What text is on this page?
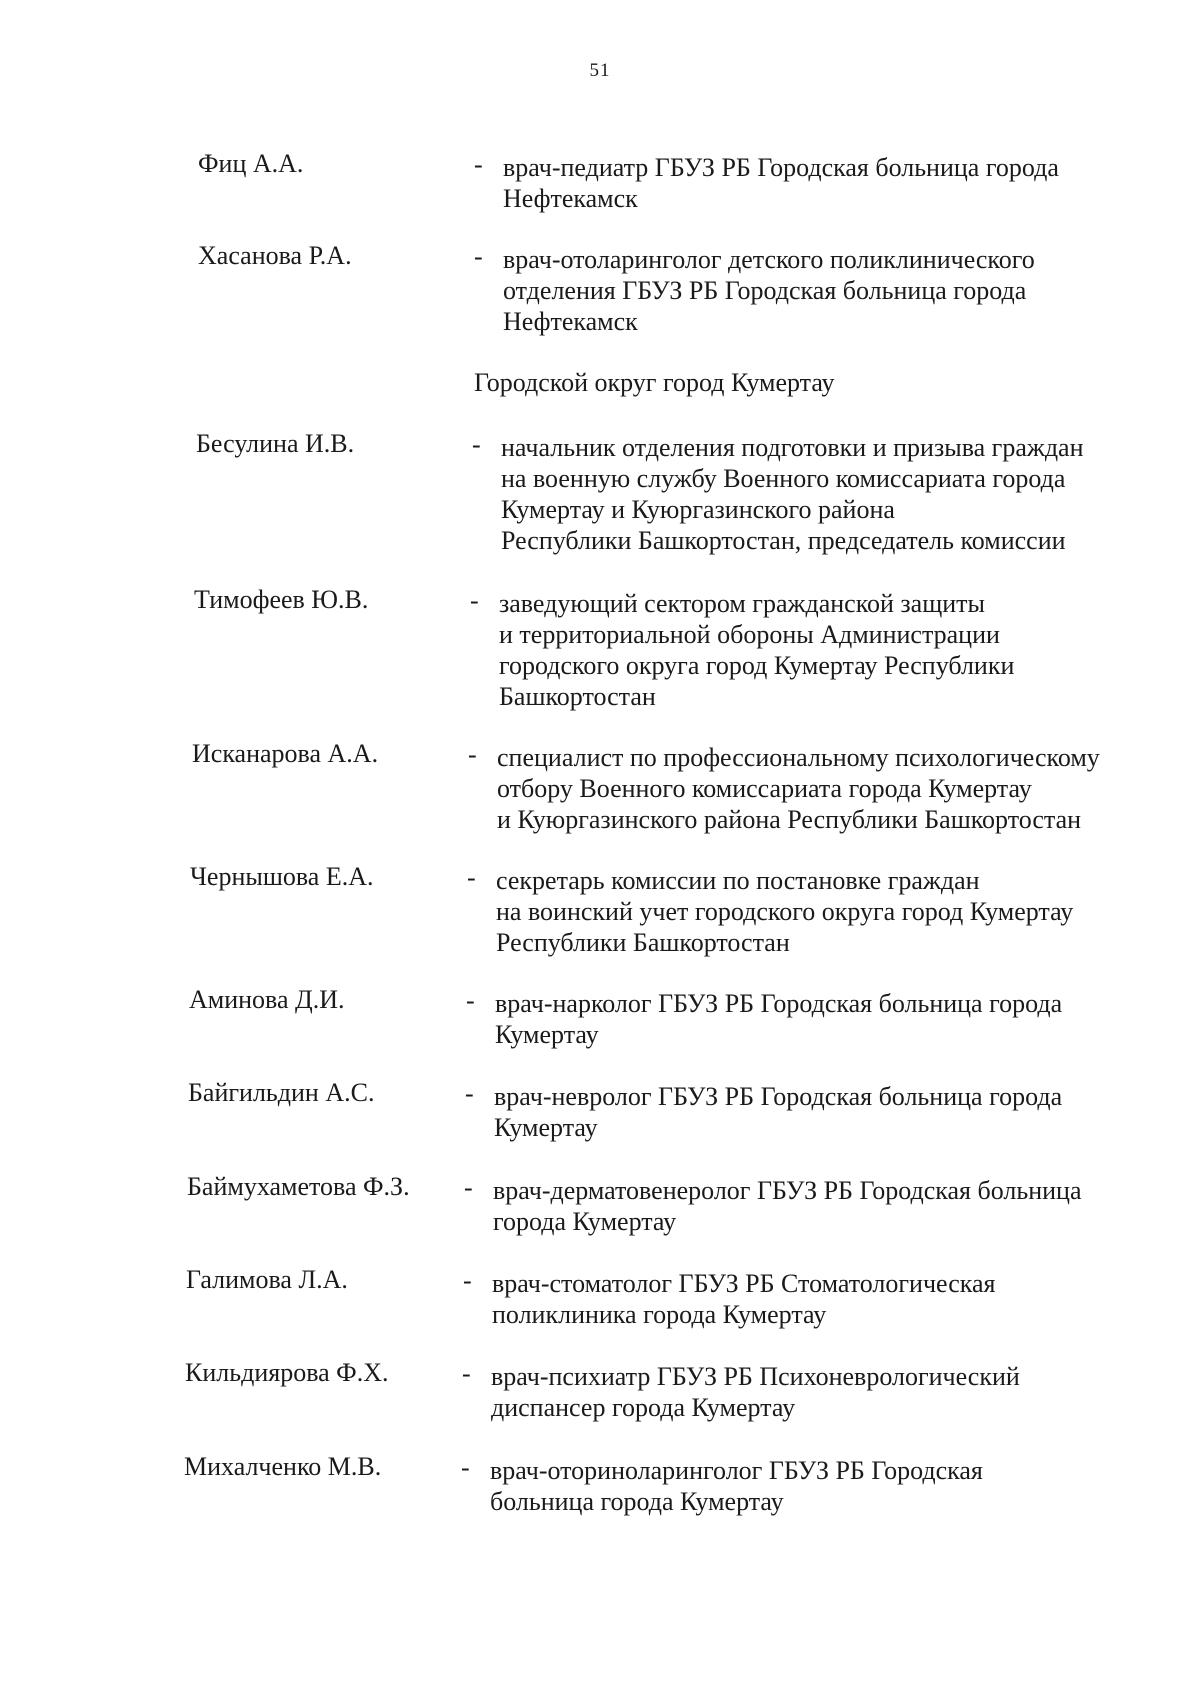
51
Фиц А.А.	- врач-педиатр ГБУЗ РБ Городская больница города
Нефтекамск
Хасанова Р.А.	- врач-отоларинголог детского поликлинического
отделения ГБУЗ РБ Городская больница города
Нефтекамск
Городской округ город Кумертау
Бесулина И.В.	- начальник отделения подготовки и призыва граждан
на военную службу Военного комиссариата города
Кумертау и Куюргазинского района
Республики Башкортостан, председатель комиссии
Тимофеев Ю.В.	- заведующий сектором гражданской защиты
и территориальной обороны Администрации
городского округа город Кумертау Республики
Башкортостан
Исканарова А.А.	- специалист по профессиональному психологическому
отбору Военного комиссариата города Кумертау
и Куюргазинского района Республики Башкортостан
Чернышова Е.А.	- секретарь комиссии по постановке граждан
на воинский учет городского округа город Кумертау
Республики Башкортостан
Аминова Д.И.	- врач-нарколог ГБУЗ РБ Городская больница города
Кумертау
Байгильдин А.С.	- врач-невролог ГБУЗ РБ Городская больница города
Кумертау
Баймухаметова Ф.З. - врач-дерматовенеролог ГБУЗ РБ Городская больница
города Кумертау
Галимова Л.А.	- врач-стоматолог ГБУЗ РБ Стоматологическая
поликлиника города Кумертау
Кильдиярова Ф.Х.	- врач-психиатр ГБУЗ РБ Психоневрологический
диспансер города Кумертау
Михалченко М.В.	- врач-оториноларинголог ГБУЗ РБ Городская
больница города Кумертау
